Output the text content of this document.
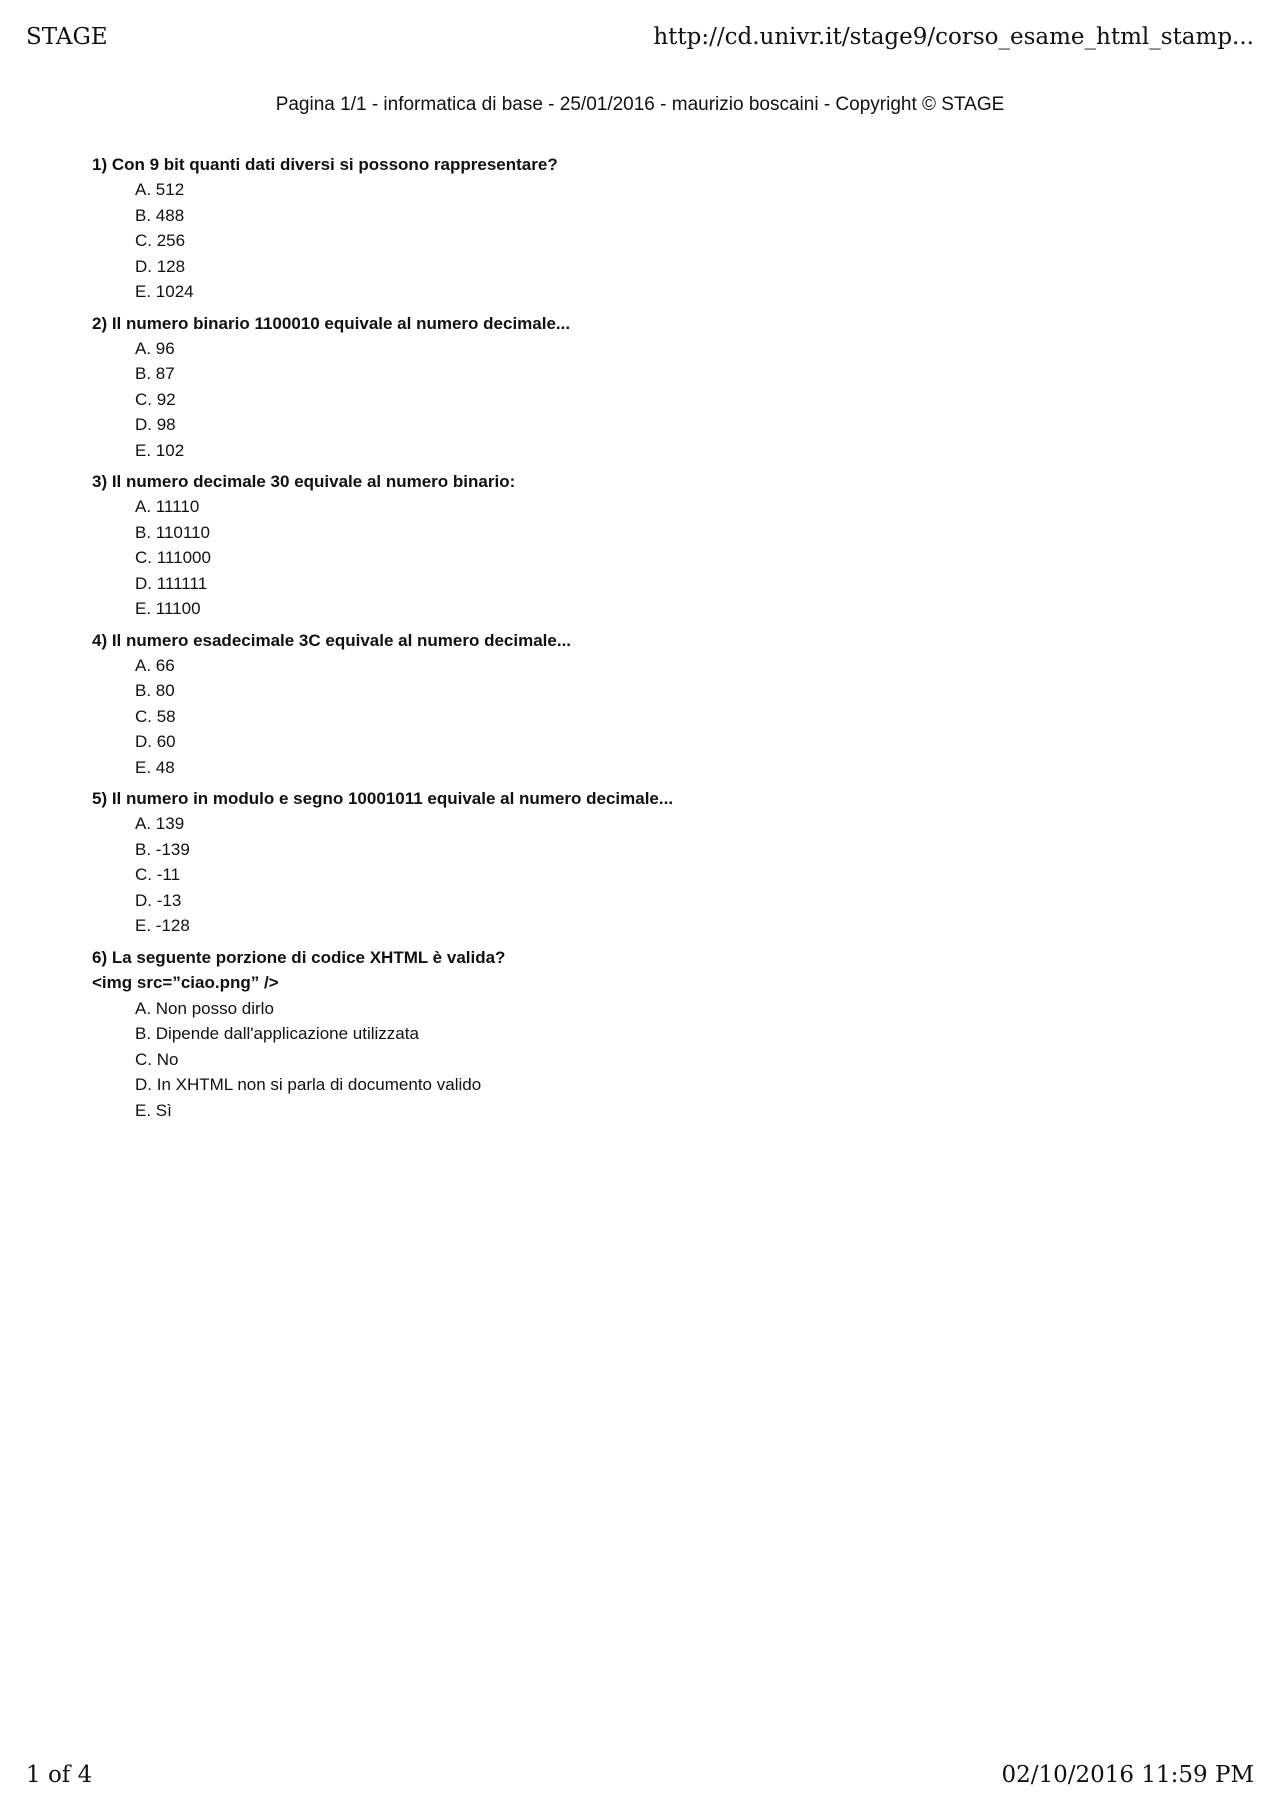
STAGE	http://cd.univr.it/stage9/corso_esame_html_stamp...
Pagina 1/1 - informatica di base - 25/01/2016 - maurizio boscaini - Copyright © STAGE
1) Con 9 bit quanti dati diversi si possono rappresentare?
A. 512
B. 488
C. 256
D. 128
E. 1024
2) Il numero binario 1100010 equivale al numero decimale...
A. 96
B. 87
C. 92
D. 98
E. 102
3) Il numero decimale 30 equivale al numero binario:
A. 11110
B. 110110
C. 111000
D. 111111
E. 11100
4) Il numero esadecimale 3C equivale al numero decimale...
A. 66
B. 80
C. 58
D. 60
E. 48
5) Il numero in modulo e segno 10001011 equivale al numero decimale...
A. 139
B. -139
C. -11
D. -13
E. -128
6) La seguente porzione di codice XHTML è valida?
<img src=”ciao.png” />
A. Non posso dirlo
B. Dipende dall'applicazione utilizzata
C. No
D. In XHTML non si parla di documento valido
E. Sì
1 of 4	02/10/2016 11:59 PM
